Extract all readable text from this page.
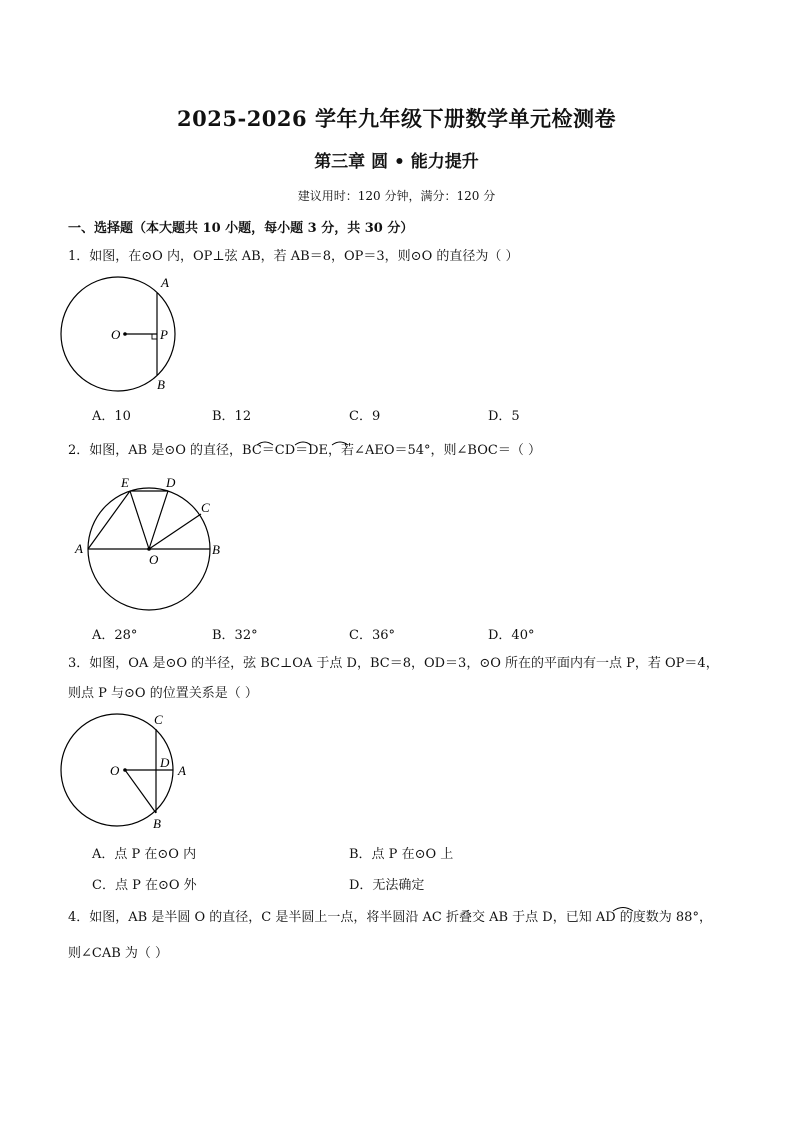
2025-2026 学年九年级下册数学单元检测卷
第三章 圆 • 能力提升
建议用时：120 分钟，满分：120 分
一、选择题（本大题共 10 小题，每小题 3 分，共 30 分）
1．如图，在⊙O 内，OP⊥弦 AB，若 AB＝8，OP＝3，则⊙O 的直径为（ ）
A
O	P
B
A．10	B．12	C．9	D．5
2．如图，AB 是⊙O 的直径，BC＝CD＝DE，若∠AEO＝54°，则∠BOC＝（ ）
E	D
C
A
O
B
A．28°	B．32°	C．36°	D．40°
3．如图，OA 是⊙O 的半径，弦 BC⊥OA 于点 D，BC＝8，OD＝3，⊙O 所在的平面内有一点 P，若 OP＝4，
则点 P 与⊙O 的位置关系是（ ）
C
O
D
A
B
A．点 P 在⊙O 内	B．点 P 在⊙O 上
C．点 P 在⊙O 外	D．无法确定
4．如图，AB 是半圆 O 的直径，C 是半圆上一点，将半圆沿 AC 折叠交 AB 于点 D，已知 AD 的度数为 88°，
则∠CAB 为（ ）
